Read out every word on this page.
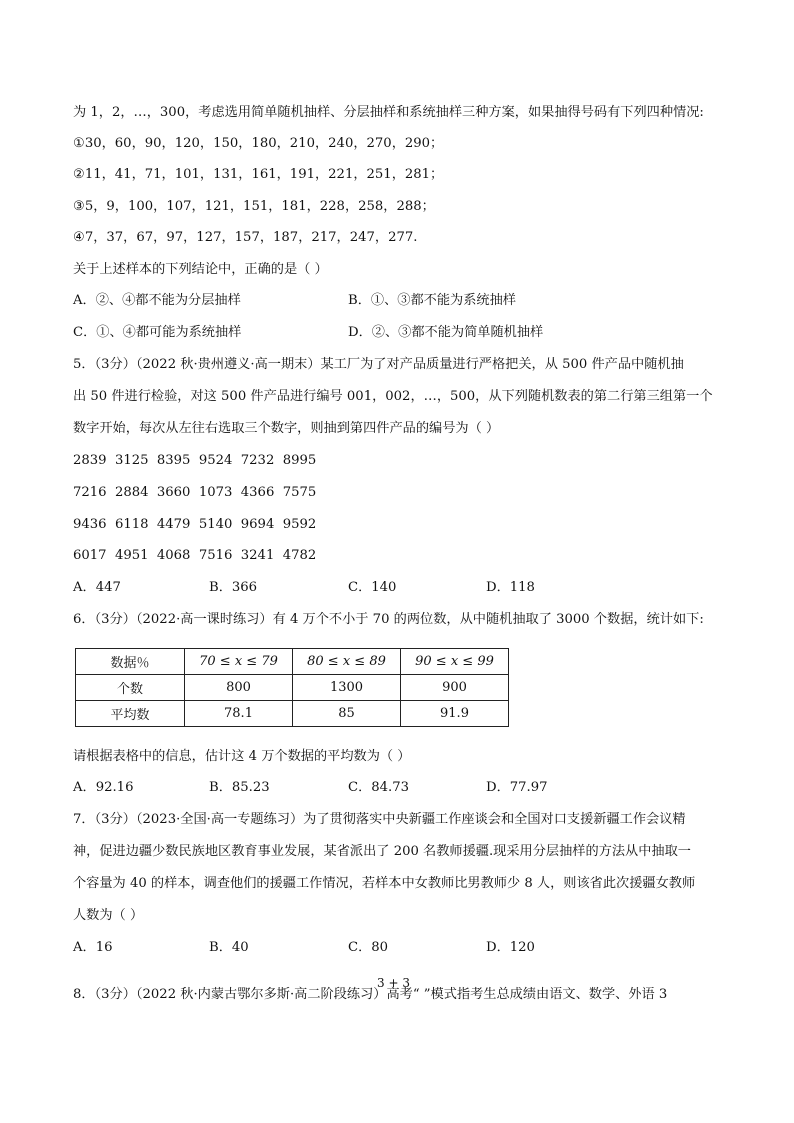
为 1，2，…，300，考虑选用简单随机抽样、分层抽样和系统抽样三种方案，如果抽得号码有下列四种情况:
①30，60，90，120，150，180，210，240，270，290；
②11，41，71，101，131，161，191，221，251，281；
③5，9，100，107，121，151，181，228，258，288；
④7，37，67，97，127，157，187，217，247，277.
关于上述样本的下列结论中，正确的是（ ）
A．②、④都不能为分层抽样	B．①、③都不能为系统抽样
C．①、④都可能为系统抽样	D．②、③都不能为简单随机抽样
5．（3分）（2022 秋·贵州遵义·高一期末）某工厂为了对产品质量进行严格把关，从 500 件产品中随机抽
出 50 件进行检验，对这 500 件产品进行编号 001，002，…，500，从下列随机数表的第二行第三组第一个
数字开始，每次从左往右选取三个数字，则抽到第四件产品的编号为（ ）
2839  3125  8395  9524  7232  8995
7216  2884  3660  1073  4366  7575
9436  6118  4479  5140  9694  9592
6017  4951  4068  7516  3241  4782
A．447	B．366	C．140	D．118
6．（3分）（2022·高一课时练习）有 4 万个不小于 70 的两位数，从中随机抽取了 3000 个数据，统计如下:
数据％	70 ≤ x ≤ 79	80 ≤ x ≤ 89	90 ≤ x ≤ 99
个数	800	1300	900
平均数	78.1	85	91.9
请根据表格中的信息，估计这 4 万个数据的平均数为（ ）
A．92.16	B．85.23	C．84.73	D．77.97
7．（3分）（2023·全国·高一专题练习）为了贯彻落实中央新疆工作座谈会和全国对口支援新疆工作会议精
神，促进边疆少数民族地区教育事业发展，某省派出了 200 名教师援疆.现采用分层抽样的方法从中抽取一
个容量为 40 的样本，调查他们的援疆工作情况，若样本中女教师比男教师少 8 人，则该省此次援疆女教师
人数为（ ）
A．16	B．40	C．80	D．120
8．（3分）（2022 秋·内蒙古鄂尔多斯·高二阶段练习）高考“ ”模式指考生总成绩由语文、数学、外语 3
3 + 3
